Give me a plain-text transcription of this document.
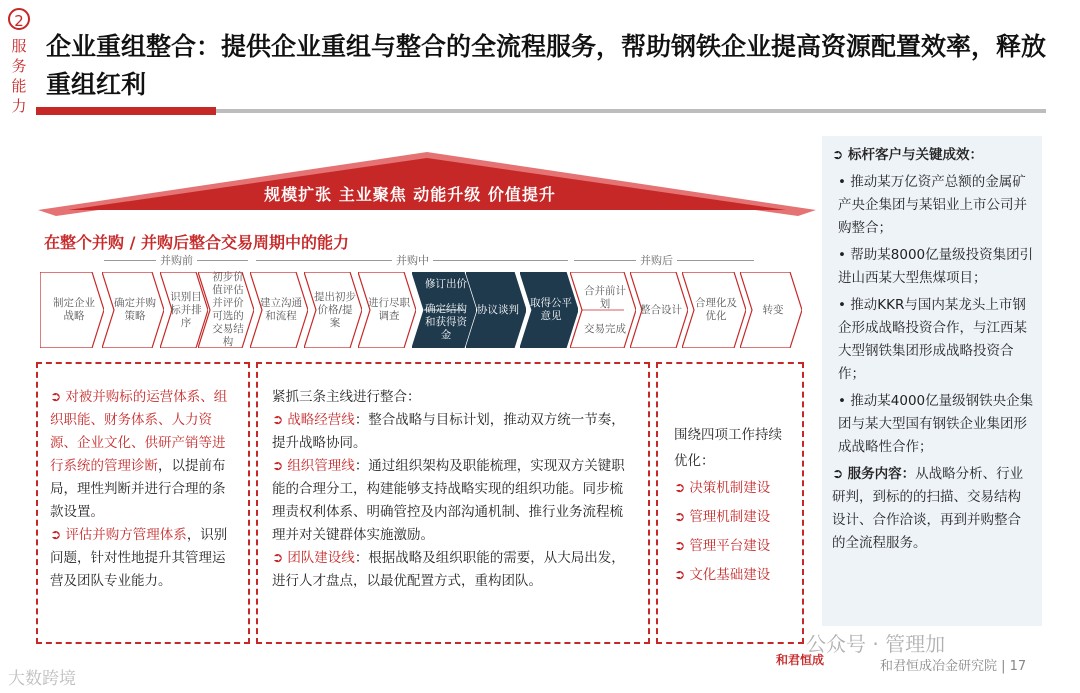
2
服务能力
企业重组整合：提供企业重组与整合的全流程服务，帮助钢铁企业提高资源配置效率，释放重组红利
规模扩张 主业聚焦 动能升级 价值提升
在整个并购 / 并购后整合交易周期中的能力
并购前	并购中	并购后
制定企业战略
确定并购策略
识别目标并排序
初步价值评估并评价可选的交易结构
建立沟通和流程
提出初步价格/提案
进行尽职调查
修订出价
确定结构和获得资金
协议谈判
取得公平意见
合并前计划
交易完成
整合设计
合理化及优化
转变
➲ 对被并购标的运营体系、组织职能、财务体系、人力资源、企业文化、供研产销等进行系统的管理诊断，以提前布局，理性判断并进行合理的条款设置。
➲ 评估并购方管理体系，识别问题，针对性地提升其管理运营及团队专业能力。
紧抓三条主线进行整合：
➲ 战略经营线：整合战略与目标计划，推动双方统一节奏，提升战略协同。
➲ 组织管理线：通过组织架构及职能梳理，实现双方关键职能的合理分工，构建能够支持战略实现的组织功能。同步梳理责权利体系、明确管控及内部沟通机制、推行业务流程梳理并对关键群体实施激励。
➲ 团队建设线：根据战略及组织职能的需要，从大局出发，进行人才盘点，以最优配置方式，重构团队。
围绕四项工作持续优化：
➲ 决策机制建设
➲ 管理机制建设
➲ 管理平台建设
➲ 文化基础建设
➲ 标杆客户与关键成效：
• 推动某万亿资产总额的金属矿产央企集团与某铝业上市公司并购整合；
• 帮助某8000亿量级投资集团引进山西某大型焦煤项目；
• 推动KKR与国内某龙头上市钢企形成战略投资合作，与江西某大型钢铁集团形成战略投资合作；
• 推动某4000亿量级钢铁央企集团与某大型国有钢铁企业集团形成战略性合作；
➲ 服务内容：从战略分析、行业研判，到标的的扫描、交易结构设计、合作洽谈，再到并购整合的全流程服务。
和君恒成
公众号 · 管理加
和君恒成冶金研究院 | 17
大数跨境
